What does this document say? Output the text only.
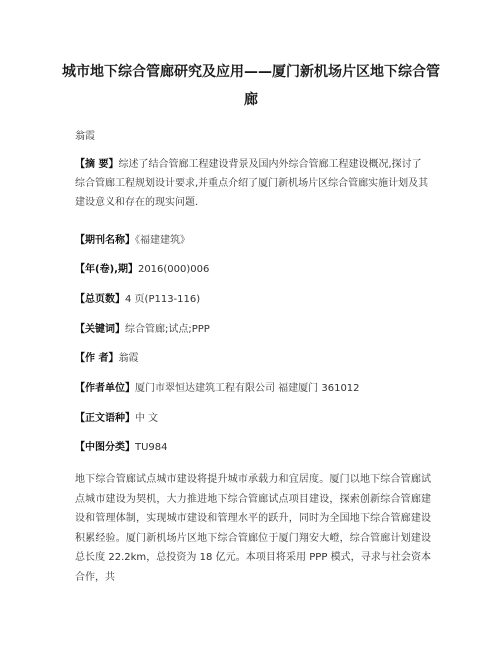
城市地下综合管廊研究及应用——厦门新机场片区地下综合管廊
翁霞
【摘 要】综述了结合管廊工程建设背景及国内外综合管廊工程建设概况,探讨了综合管廊工程规划设计要求,并重点介绍了厦门新机场片区综合管廊实施计划及其建设意义和存在的现实问题.
【期刊名称】《福建建筑》
【年(卷),期】2016(000)006
【总页数】4 页(P113-116)
【关键词】综合管廊;试点;PPP
【作 者】翁霞
【作者单位】厦门市翠恒达建筑工程有限公司 福建厦门 361012
【正文语种】中 文
【中图分类】TU984
地下综合管廊试点城市建设将提升城市承载力和宜居度。厦门以地下综合管廊试点城市建设为契机，大力推进地下综合管廊试点项目建设，探索创新综合管廊建设和管理体制，实现城市建设和管理水平的跃升，同时为全国地下综合管廊建设积累经验。厦门新机场片区地下综合管廊位于厦门翔安大嶝，综合管廊计划建设总长度 22.2km，总投资为 18 亿元。本项目将采用 PPP 模式，寻求与社会资本合作，共
